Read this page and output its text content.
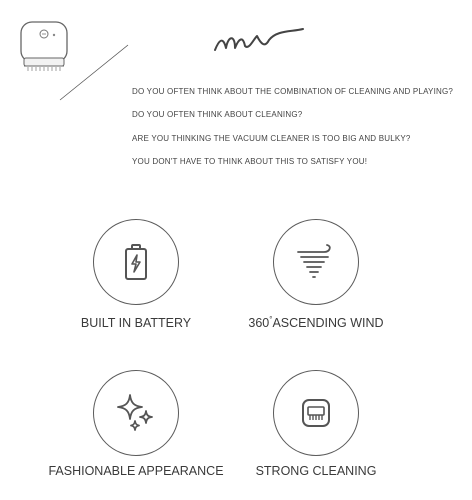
DO YOU OFTEN THINK ABOUT THE COMBINATION OF CLEANING AND PLAYING?
DO YOU OFTEN THINK ABOUT CLEANING?
ARE YOU THINKING THE VACUUM CLEANER IS TOO BIG AND BULKY?
YOU DON'T HAVE TO THINK ABOUT THIS TO SATISFY YOU!
BUILT IN BATTERY	360°ASCENDING WIND
FASHIONABLE APPEARANCE	STRONG CLEANING
